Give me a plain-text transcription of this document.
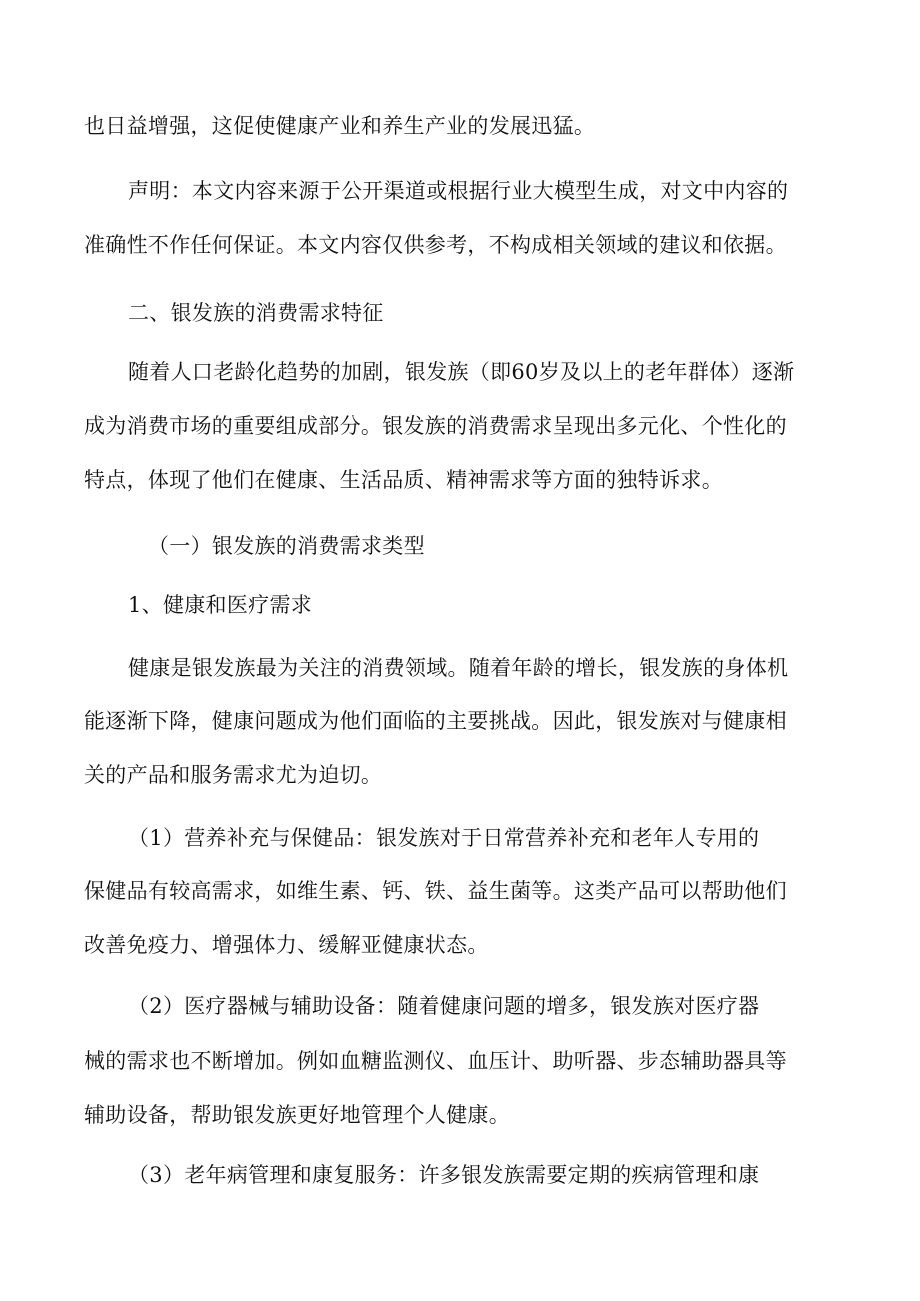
也日益增强，这促使健康产业和养生产业的发展迅猛。
声明：本文内容来源于公开渠道或根据行业大模型生成，对文中内容的
准确性不作任何保证。本文内容仅供参考，不构成相关领域的建议和依据。
二、银发族的消费需求特征
随着人口老龄化趋势的加剧，银发族（即60岁及以上的老年群体）逐渐
成为消费市场的重要组成部分。银发族的消费需求呈现出多元化、个性化的
特点，体现了他们在健康、生活品质、精神需求等方面的独特诉求。
（一）银发族的消费需求类型
1、健康和医疗需求
健康是银发族最为关注的消费领域。随着年龄的增长，银发族的身体机
能逐渐下降，健康问题成为他们面临的主要挑战。因此，银发族对与健康相
关的产品和服务需求尤为迫切。
（1）营养补充与保健品：银发族对于日常营养补充和老年人专用的
保健品有较高需求，如维生素、钙、铁、益生菌等。这类产品可以帮助他们
改善免疫力、增强体力、缓解亚健康状态。
（2）医疗器械与辅助设备：随着健康问题的增多，银发族对医疗器
械的需求也不断增加。例如血糖监测仪、血压计、助听器、步态辅助器具等
辅助设备，帮助银发族更好地管理个人健康。
（3）老年病管理和康复服务：许多银发族需要定期的疾病管理和康
